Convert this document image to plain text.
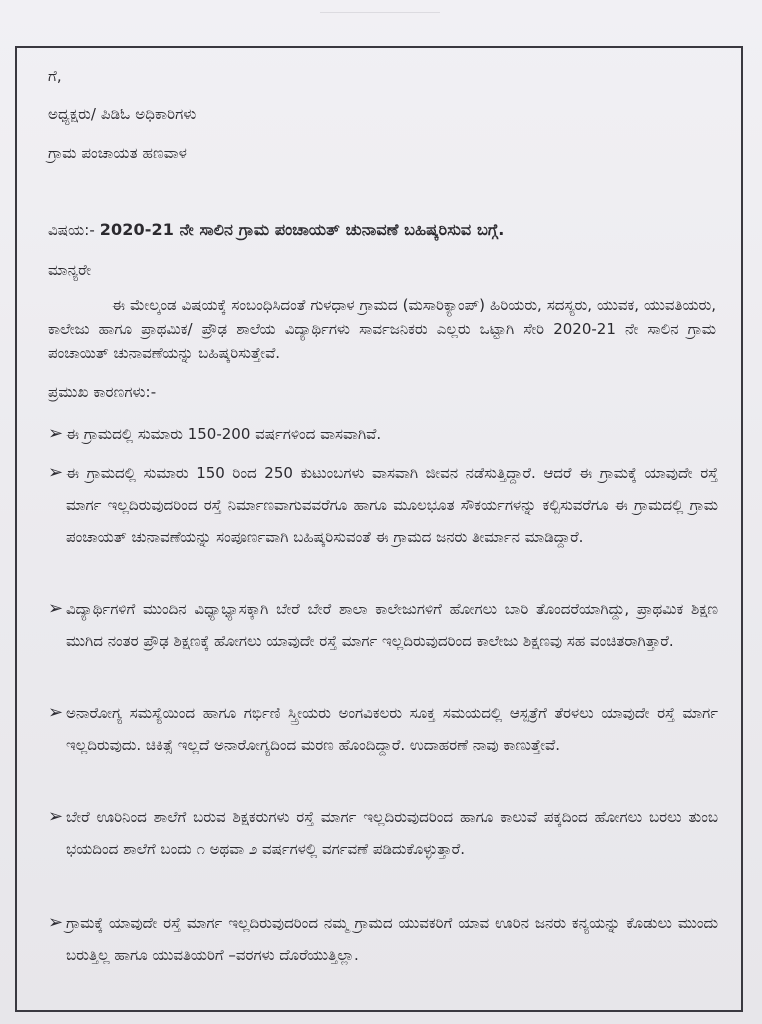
ಗೆ,
ಅಧ್ಯಕ್ಷರು/ ಪಿಡಿಓ ಅಧಿಕಾರಿಗಳು
ಗ್ರಾಮ ಪಂಚಾಯತ ಹಣವಾಳ
ವಿಷಯ:- 2020-21 ನೇ ಸಾಲಿನ ಗ್ರಾಮ ಪಂಚಾಯತ್ ಚುನಾವಣೆ ಬಹಿಷ್ಕರಿಸುವ ಬಗ್ಗೆ.
ಮಾನ್ಯರೇ
ಈ ಮೇಲ್ಕಂಡ ವಿಷಯಕ್ಕೆ ಸಂಬಂಧಿಸಿದಂತೆ ಗುಳಧಾಳ ಗ್ರಾಮದ (ಮಸಾರಿಕ್ಯಾಂಪ್) ಹಿರಿಯರು, ಸದಸ್ಯರು, ಯುವಕ, ಯುವತಿಯರು, ಕಾಲೇಜು ಹಾಗೂ ಪ್ರಾಥಮಿಕ/ ಪ್ರೌಢ ಶಾಲೆಯ ವಿದ್ಯಾರ್ಥಿಗಳು ಸಾರ್ವಜನಿಕರು ಎಲ್ಲರು ಒಟ್ಟಾಗಿ ಸೇರಿ 2020-21 ನೇ ಸಾಲಿನ ಗ್ರಾಮ ಪಂಚಾಯಿತ್ ಚುನಾವಣೆಯನ್ನು ಬಹಿಷ್ಕರಿಸುತ್ತೇವೆ.
ಪ್ರಮುಖ ಕಾರಣಗಳು:-
➢ ಈ ಗ್ರಾಮದಲ್ಲಿ ಸುಮಾರು 150-200 ವರ್ಷಗಳಿಂದ ವಾಸವಾಗಿವೆ.
➢ ಈ ಗ್ರಾಮದಲ್ಲಿ ಸುಮಾರು 150 ರಿಂದ 250 ಕುಟುಂಬಗಳು ವಾಸವಾಗಿ ಜೀವನ ನಡೆಸುತ್ತಿದ್ದಾರೆ. ಆದರೆ ಈ ಗ್ರಾಮಕ್ಕೆ ಯಾವುದೇ ರಸ್ತೆ ಮಾರ್ಗ ಇಲ್ಲದಿರುವುದರಿಂದ ರಸ್ತೆ ನಿರ್ಮಾಣವಾಗುವವರೆಗೂ ಹಾಗೂ ಮೂಲಭೂತ ಸೌಕರ್ಯಗಳನ್ನು ಕಲ್ಪಿಸುವರೆಗೂ ಈ ಗ್ರಾಮದಲ್ಲಿ ಗ್ರಾಮ ಪಂಚಾಯತ್ ಚುನಾವಣೆಯನ್ನು ಸಂಪೂರ್ಣವಾಗಿ ಬಹಿಷ್ಕರಿಸುವಂತೆ ಈ ಗ್ರಾಮದ ಜನರು ತೀರ್ಮಾನ ಮಾಡಿದ್ದಾರೆ.
➢ ವಿದ್ಯಾರ್ಥಿಗಳಿಗೆ ಮುಂದಿನ ವಿಧ್ಯಾಭ್ಯಾಸಕ್ಕಾಗಿ ಬೇರೆ ಬೇರೆ ಶಾಲಾ ಕಾಲೇಜುಗಳಿಗೆ ಹೋಗಲು ಬಾರಿ ತೊಂದರೆಯಾಗಿದ್ದು, ಪ್ರಾಥಮಿಕ ಶಿಕ್ಷಣ ಮುಗಿದ ನಂತರ ಪ್ರೌಢ ಶಿಕ್ಷಣಕ್ಕೆ ಹೋಗಲು ಯಾವುದೇ ರಸ್ತೆ ಮಾರ್ಗ ಇಲ್ಲದಿರುವುದರಿಂದ ಕಾಲೇಜು ಶಿಕ್ಷಣವು ಸಹ ವಂಚಿತರಾಗಿತ್ತಾರೆ.
➢ ಅನಾರೋಗ್ಯ ಸಮಸ್ಯೆಯಿಂದ ಹಾಗೂ ಗರ್ಭಿಣಿ ಸ್ತ್ರೀಯರು ಅಂಗವಿಕಲರು ಸೂಕ್ತ ಸಮಯದಲ್ಲಿ ಆಸ್ಪತ್ರೆಗೆ ತೆರಳಲು ಯಾವುದೇ ರಸ್ತೆ ಮಾರ್ಗ ಇಲ್ಲದಿರುವುದು. ಚಿಕಿತ್ಸೆ ಇಲ್ಲದೆ ಅನಾರೋಗ್ಯದಿಂದ ಮರಣ ಹೊಂದಿದ್ದಾರೆ. ಉದಾಹರಣೆ ನಾವು ಕಾಣುತ್ತೇವೆ.
➢ ಬೇರೆ ಊರಿನಿಂದ ಶಾಲೆಗೆ ಬರುವ ಶಿಕ್ಷಕರುಗಳು ರಸ್ತೆ ಮಾರ್ಗ ಇಲ್ಲದಿರುವುದರಿಂದ ಹಾಗೂ ಕಾಲುವೆ ಪಕ್ಕದಿಂದ ಹೋಗಲು ಬರಲು ತುಂಬ ಭಯದಿಂದ ಶಾಲೆಗೆ ಬಂದು ೧ ಅಥವಾ ೨ ವರ್ಷಗಳಲ್ಲಿ ವರ್ಗವಣೆ ಪಡಿದುಕೊಳ್ಳುತ್ತಾರೆ.
➢ ಗ್ರಾಮಕ್ಕೆ ಯಾವುದೇ ರಸ್ತೆ ಮಾರ್ಗ ಇಲ್ಲದಿರುವುದರಿಂದ ನಮ್ಮ ಗ್ರಾಮದ ಯುವಕರಿಗೆ ಯಾವ ಊರಿನ ಜನರು ಕನ್ಯಯನ್ನು ಕೊಡುಲು ಮುಂದು ಬರುತ್ತಿಲ್ಲ ಹಾಗೂ ಯುವತಿಯರಿಗೆ –ವರಗಳು ದೊರೆಯುತ್ತಿಲ್ಲಾ.
